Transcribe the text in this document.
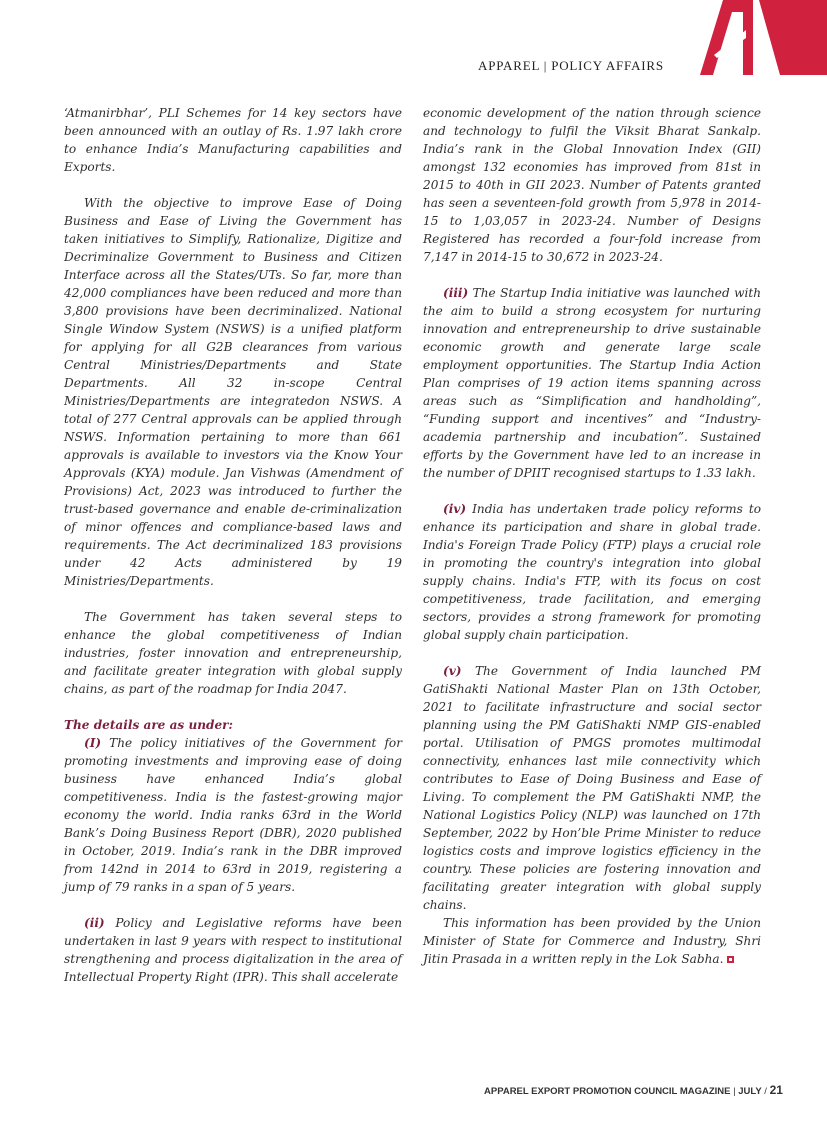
APPAREL | POLICY AFFAIRS

‘Atmanirbhar’, PLI Schemes for 14 key sectors have been announced with an outlay of Rs. 1.97 lakh crore to enhance India’s Manufacturing capabilities and Exports.

With the objective to improve Ease of Doing Business and Ease of Living the Government has taken initiatives to Simplify, Rationalize, Digitize and Decriminalize Government to Business and Citizen Interface across all the States/UTs. So far, more than 42,000 compliances have been reduced and more than 3,800 provisions have been decriminalized. National Single Window System (NSWS) is a unified platform for applying for all G2B clearances from various Central Ministries/Departments and State Departments. All 32 in-scope Central Ministries/Departments are integratedon NSWS. A total of 277 Central approvals can be applied through NSWS. Information pertaining to more than 661 approvals is available to investors via the Know Your Approvals (KYA) module. Jan Vishwas (Amendment of Provisions) Act, 2023 was introduced to further the trust-based governance and enable de-criminalization of minor offences and compliance-based laws and requirements. The Act decriminalized 183 provisions under 42 Acts administered by 19 Ministries/Departments.

The Government has taken several steps to enhance the global competitiveness of Indian industries, foster innovation and entrepreneurship, and facilitate greater integration with global supply chains, as part of the roadmap for India 2047.

The details are as under:

(I) The policy initiatives of the Government for promoting investments and improving ease of doing business have enhanced India’s global competitiveness. India is the fastest-growing major economy the world. India ranks 63rd in the World Bank’s Doing Business Report (DBR), 2020 published in October, 2019. India’s rank in the DBR improved from 142nd in 2014 to 63rd in 2019, registering a jump of 79 ranks in a span of 5 years.

(ii) Policy and Legislative reforms have been undertaken in last 9 years with respect to institutional strengthening and process digitalization in the area of Intellectual Property Right (IPR). This shall accelerate

economic development of the nation through science and technology to fulfil the Viksit Bharat Sankalp. India’s rank in the Global Innovation Index (GII) amongst 132 economies has improved from 81st in 2015 to 40th in GII 2023. Number of Patents granted has seen a seventeen-fold growth from 5,978 in 2014-15 to 1,03,057 in 2023-24. Number of Designs Registered has recorded a four-fold increase from 7,147 in 2014-15 to 30,672 in 2023-24.

(iii) The Startup India initiative was launched with the aim to build a strong ecosystem for nurturing innovation and entrepreneurship to drive sustainable economic growth and generate large scale employment opportunities. The Startup India Action Plan comprises of 19 action items spanning across areas such as “Simplification and handholding”, “Funding support and incentives” and “Industry-academia partnership and incubation”. Sustained efforts by the Government have led to an increase in the number of DPIIT recognised startups to 1.33 lakh.

(iv) India has undertaken trade policy reforms to enhance its participation and share in global trade. India's Foreign Trade Policy (FTP) plays a crucial role in promoting the country's integration into global supply chains. India's FTP, with its focus on cost competitiveness, trade facilitation, and emerging sectors, provides a strong framework for promoting global supply chain participation.

(v) The Government of India launched PM GatiShakti National Master Plan on 13th October, 2021 to facilitate infrastructure and social sector planning using the PM GatiShakti NMP GIS-enabled portal. Utilisation of PMGS promotes multimodal connectivity, enhances last mile connectivity which contributes to Ease of Doing Business and Ease of Living. To complement the PM GatiShakti NMP, the National Logistics Policy (NLP) was launched on 17th September, 2022 by Hon’ble Prime Minister to reduce logistics costs and improve logistics efficiency in the country. These policies are fostering innovation and facilitating greater integration with global supply chains.

This information has been provided by the Union Minister of State for Commerce and Industry, Shri Jitin Prasada in a written reply in the Lok Sabha.

APPAREL EXPORT PROMOTION COUNCIL MAGAZINE | JULY / 21
